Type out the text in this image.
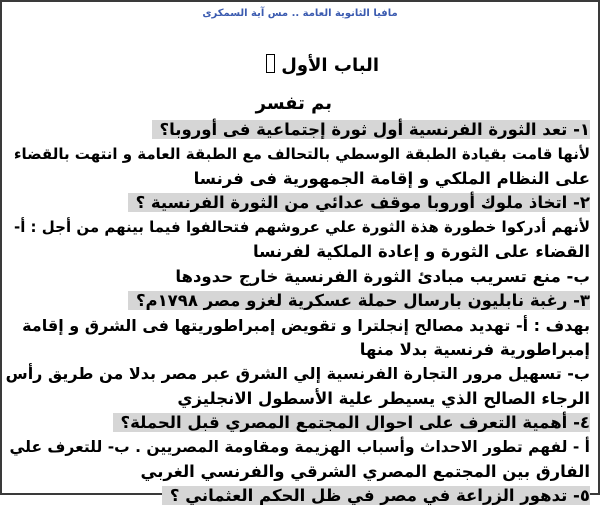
مافيا الثانوية العامة .. مس آية السمكرى
الباب الأول
بم تفسر
١- تعد الثورة الفرنسية أول ثورة إجتماعية فى أوروبا؟
لأنها قامت بقيادة الطبقة الوسطي بالتحالف مع الطبقة العامة و انتهت بالقضاء
على النظام الملكي و إقامة الجمهورية فى فرنسا
٢- اتخاذ ملوك أوروبا موقف عدائي من الثورة الفرنسية ؟
لأنهم أدركوا خطورة هذة الثورة علي عروشهم فتحالفوا فيما بينهم من أجل : أ-
القضاء على الثورة و إعادة الملكية لفرنسا
ب- منع تسريب مبادئ الثورة الفرنسية خارج حدودها
٣- رغبة نابليون بارسال حملة عسكرية لغزو مصر ١٧٩٨م؟
بهدف : أ- تهديد مصالح إنجلترا و تقويض إمبراطوريتها فى الشرق و إقامة
إمبراطورية فرنسية بدلا منها
ب- تسهيل مرور التجارة الفرنسية إلي الشرق عبر مصر بدلا من طريق رأس
الرجاء الصالح الذي يسيطر علية الأسطول الانجليزي
٤- أهمية التعرف على احوال المجتمع المصري قبل الحملة؟
أ - لفهم تطور الاحداث وأسباب الهزيمة ومقاومة المصريين . ب- للتعرف علي
الفارق بين المجتمع المصري الشرقي والفرنسي الغربي
٥- تدهور الزراعة في مصر في ظل الحكم العثماني ؟
